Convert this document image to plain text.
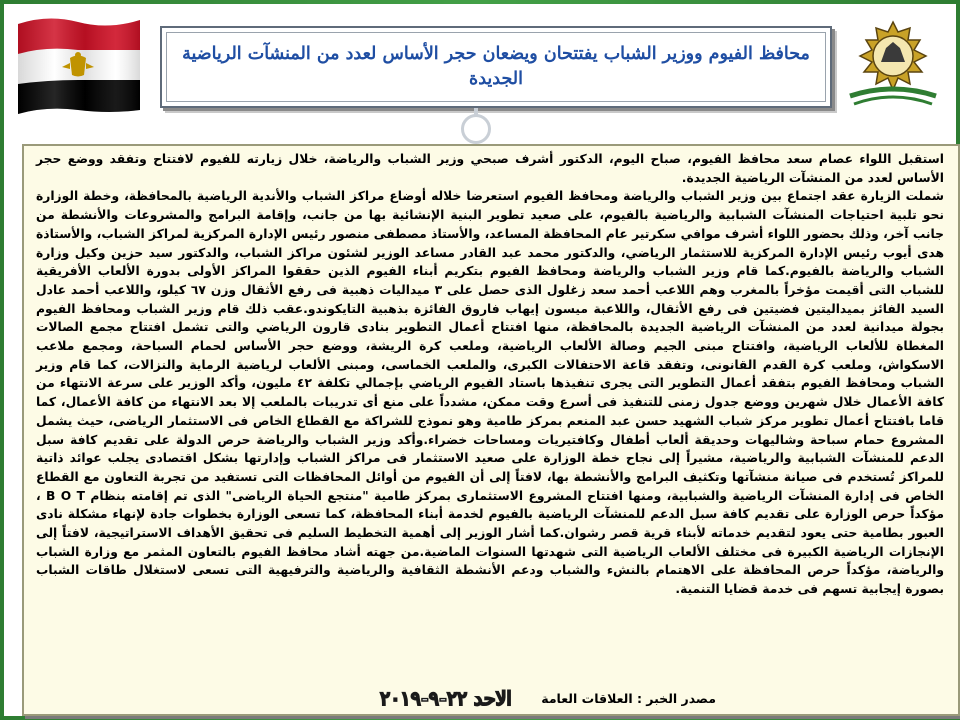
محافظ الفيوم ووزير الشباب يفتتحان ويضعان حجر الأساس لعدد من المنشآت الرياضية الجديدة

استقبل اللواء عصام سعد محافظ الفيوم، صباح اليوم، الدكتور أشرف صبحي وزير الشباب والرياضة، خلال زيارته للفيوم لافتتاح وتفقد ووضع حجر الأساس لعدد من المنشآت الرياضية الجديدة.

شملت الزيارة عقد اجتماع بين وزير الشباب والرياضة ومحافظ الفيوم استعرضا خلاله أوضاع مراكز الشباب والأندية الرياضية بالمحافظة، وخطة الوزارة نحو تلبية احتياجات المنشآت الشبابية والرياضية بالفيوم، على صعيد تطوير البنية الإنشائية بها من جانب، وإقامة البرامج والمشروعات والأنشطة من جانب آخر، وذلك بحضور اللواء أشرف موافي سكرتير عام المحافظة المساعد، والأستاذ مصطفى منصور رئيس الإدارة المركزية لمراكز الشباب، والأستاذة هدى أيوب رئيس الإدارة المركزية للاستثمار الرياضي، والدكتور محمد عبد القادر مساعد الوزير لشئون مراكز الشباب، والدكتور سيد حزين وكيل وزارة الشباب والرياضة بالفيوم.كما قام وزير الشباب والرياضة ومحافظ الفيوم بتكريم أبناء الفيوم الذين حققوا المراكز الأولى بدورة الألعاب الأفريقية للشباب التى أقيمت مؤخراً بالمغرب وهم اللاعب أحمد سعد زغلول الذى حصل على ٣ ميداليات ذهبية فى رفع الأثقال وزن ٦٧ كيلو، واللاعب أحمد عادل السيد الفائز بميداليتين فضيتين فى رفع الأثقال، واللاعبة ميسون إيهاب فاروق الفائزة بذهبية التايكوندو.عقب ذلك قام وزير الشباب ومحافظ الفيوم بجولة ميدانية لعدد من المنشآت الرياضية الجديدة بالمحافظة، منها افتتاح أعمال التطوير بنادى قارون الرياضي والتى تشمل افتتاح مجمع الصالات المغطاة للألعاب الرياضية، وافتتاح مبنى الجيم وصالة الألعاب الرياضية، وملعب كرة الريشة، ووضع حجر الأساس لحمام السباحة، ومجمع ملاعب الاسكواش، وملعب كرة القدم القانونى، وتفقد قاعة الاحتفالات الكبرى، والملعب الخماسى، ومبنى الألعاب لرياضية الرماية والنزالات، كما قام وزير الشباب ومحافظ الفيوم بتفقد أعمال التطوير التى يجرى تنفيذها باستاد الفيوم الرياضي بإجمالي تكلفة ٤٢ مليون، وأكد الوزير على سرعة الانتهاء من كافة الأعمال خلال شهرين ووضع جدول زمنى للتنفيذ فى أسرع وقت ممكن، مشدداً على منع أى تدريبات بالملعب إلا بعد الانتهاء من كافة الأعمال، كما قاما بافتتاح أعمال تطوير مركز شباب الشهيد حسن عبد المنعم بمركز طامية وهو نموذج للشراكة مع القطاع الخاص فى الاستثمار الرياضى، حيث يشمل المشروع حمام سباحة وشاليهات وحديقة ألعاب أطفال وكافتيريات ومساحات خضراء.وأكد وزير الشباب والرياضة حرص الدولة على تقديم كافة سبل الدعم للمنشآت الشبابية والرياضية، مشيراً إلى نجاح خطة الوزارة على صعيد الاستثمار فى مراكز الشباب وإدارتها بشكل اقتصادى يجلب عوائد ذاتية للمراكز تُستخدم فى صيانة منشآتها وتكثيف البرامج والأنشطة بها، لافتاً إلى أن الفيوم من أوائل المحافظات التى تستفيد من تجربة التعاون مع القطاع الخاص فى إدارة المنشآت الرياضية والشبابية، ومنها افتتاح المشروع الاستثمارى بمركز طامية "منتجع الحياة الرياضى" الذى تم إقامته بنظام B O T ، مؤكداً حرص الوزارة على تقديم كافة سبل الدعم للمنشآت الرياضية بالفيوم لخدمة أبناء المحافظة، كما تسعى الوزارة بخطوات جادة لإنهاء مشكلة نادى العبور بطامية حتى يعود لتقديم خدماته لأبناء قرية قصر رشوان.كما أشار الوزير إلى أهمية التخطيط السليم فى تحقيق الأهداف الاستراتيجية، لافتاً إلى الإنجازات الرياضية الكبيرة فى مختلف الألعاب الرياضية التى شهدتها السنوات الماضية.من جهته أشاد محافظ الفيوم بالتعاون المثمر مع وزارة الشباب والرياضة، مؤكداً حرص المحافظة على الاهتمام بالنشء والشباب ودعم الأنشطة الثقافية والرياضية والترفيهية التى تسعى لاستغلال طاقات الشباب بصورة إيجابية تسهم فى خدمة قضايا التنمية.

الاحد ٢٢-٩-٢٠١٩ مصدر الخبر : العلاقات العامة
